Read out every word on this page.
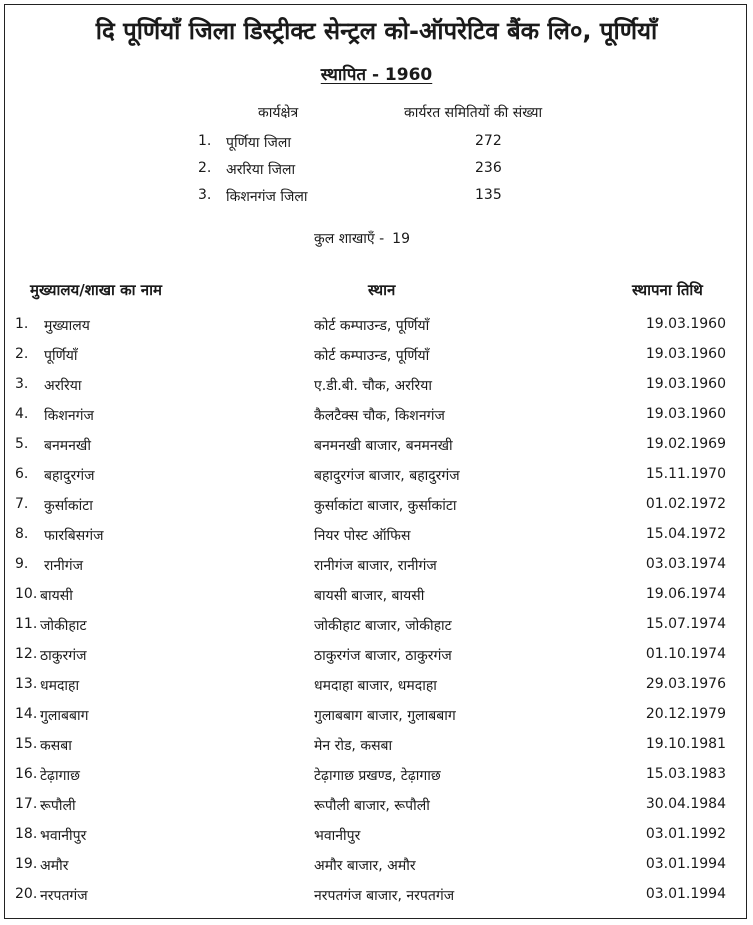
दि पूर्णियाँ जिला डिस्ट्रीक्ट सेन्ट्रल को-ऑपरेटिव बैंक लि०, पूर्णियाँ
स्थापित - 1960
कार्यक्षेत्र	कार्यरत समितियों की संख्या
1. पूर्णिया जिला	272
2. अररिया जिला	236
3. किशनगंज जिला	135
कुल शाखाएँ - 19
मुख्यालय/शाखा का नाम	स्थान	स्थापना तिथि
1. मुख्यालय	कोर्ट कम्पाउन्ड, पूर्णियाँ	19.03.1960
2. पूर्णियाँ	कोर्ट कम्पाउन्ड, पूर्णियाँ	19.03.1960
3. अररिया	ए.डी.बी. चौक, अररिया	19.03.1960
4. किशनगंज	कैलटैक्स चौक, किशनगंज	19.03.1960
5. बनमनखी	बनमनखी बाजार, बनमनखी	19.02.1969
6. बहादुरगंज	बहादुरगंज बाजार, बहादुरगंज	15.11.1970
7. कुर्साकांटा	कुर्साकांटा बाजार, कुर्साकांटा	01.02.1972
8. फारबिसगंज	नियर पोस्ट ऑफिस	15.04.1972
9. रानीगंज	रानीगंज बाजार, रानीगंज	03.03.1974
10. बायसी	बायसी बाजार, बायसी	19.06.1974
11. जोकीहाट	जोकीहाट बाजार, जोकीहाट	15.07.1974
12. ठाकुरगंज	ठाकुरगंज बाजार, ठाकुरगंज	01.10.1974
13. धमदाहा	धमदाहा बाजार, धमदाहा	29.03.1976
14. गुलाबबाग	गुलाबबाग बाजार, गुलाबबाग	20.12.1979
15. कसबा	मेन रोड, कसबा	19.10.1981
16. टेढ़ागाछ	टेढ़ागाछ प्रखण्ड, टेढ़ागाछ	15.03.1983
17. रूपौली	रूपौली बाजार, रूपौली	30.04.1984
18. भवानीपुर	भवानीपुर	03.01.1992
19. अमौर	अमौर बाजार, अमौर	03.01.1994
20. नरपतगंज	नरपतगंज बाजार, नरपतगंज	03.01.1994
